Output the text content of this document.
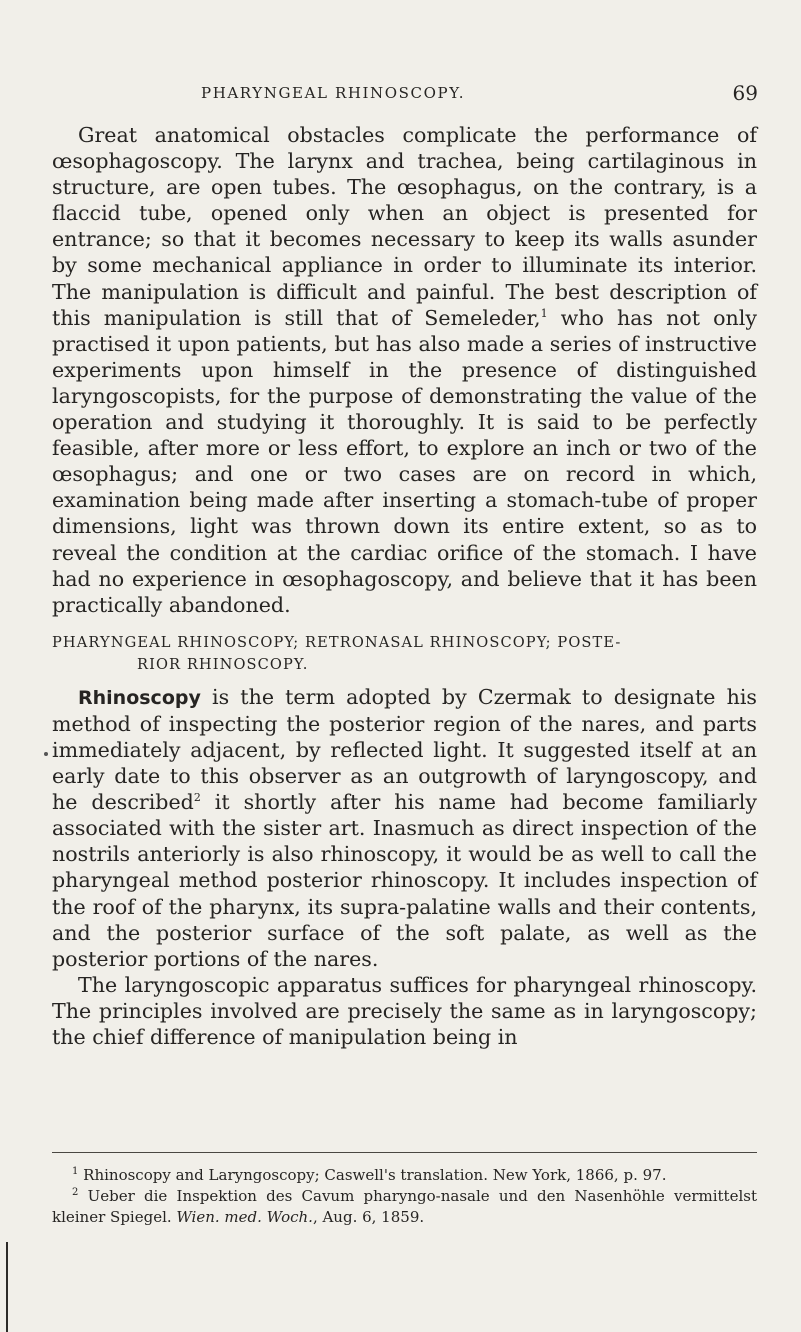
PHARYNGEAL RHINOSCOPY.	69

Great anatomical obstacles complicate the performance of œsophagoscopy. The larynx and trachea, being cartilaginous in structure, are open tubes. The œsophagus, on the contrary, is a flaccid tube, opened only when an object is presented for entrance; so that it becomes necessary to keep its walls asunder by some mechanical appliance in order to illuminate its interior. The manipulation is difficult and painful. The best description of this manipulation is still that of Semeleder,$^1$ who has not only practised it upon patients, but has also made a series of instructive experiments upon himself in the presence of distinguished laryngoscopists, for the purpose of demonstrating the value of the operation and studying it thoroughly. It is said to be perfectly feasible, after more or less effort, to explore an inch or two of the œsophagus; and one or two cases are on record in which, examination being made after inserting a stomach-tube of proper dimensions, light was thrown down its entire extent, so as to reveal the condition at the cardiac orifice of the stomach. I have had no experience in œsophagoscopy, and believe that it has been practically abandoned.

PHARYNGEAL RHINOSCOPY; RETRONASAL RHINOSCOPY; POSTE-
RIOR RHINOSCOPY.

Rhinoscopy is the term adopted by Czermak to designate his method of inspecting the posterior region of the nares, and parts immediately adjacent, by reflected light. It suggested itself at an early date to this observer as an outgrowth of laryngoscopy, and he described$^2$ it shortly after his name had become familiarly associated with the sister art. Inasmuch as direct inspection of the nostrils anteriorly is also rhinoscopy, it would be as well to call the pharyngeal method posterior rhinoscopy. It includes inspection of the roof of the pharynx, its supra-palatine walls and their contents, and the posterior surface of the soft palate, as well as the posterior portions of the nares.

The laryngoscopic apparatus suffices for pharyngeal rhinoscopy. The principles involved are precisely the same as in laryngoscopy; the chief difference of manipulation being in

$^1$ Rhinoscopy and Laryngoscopy; Caswell's translation. New York, 1866, p. 97.

$^2$ Ueber die Inspektion des Cavum pharyngo-nasale und den Nasenhöhle vermittelst kleiner Spiegel. Wien. med. Woch., Aug. 6, 1859.
